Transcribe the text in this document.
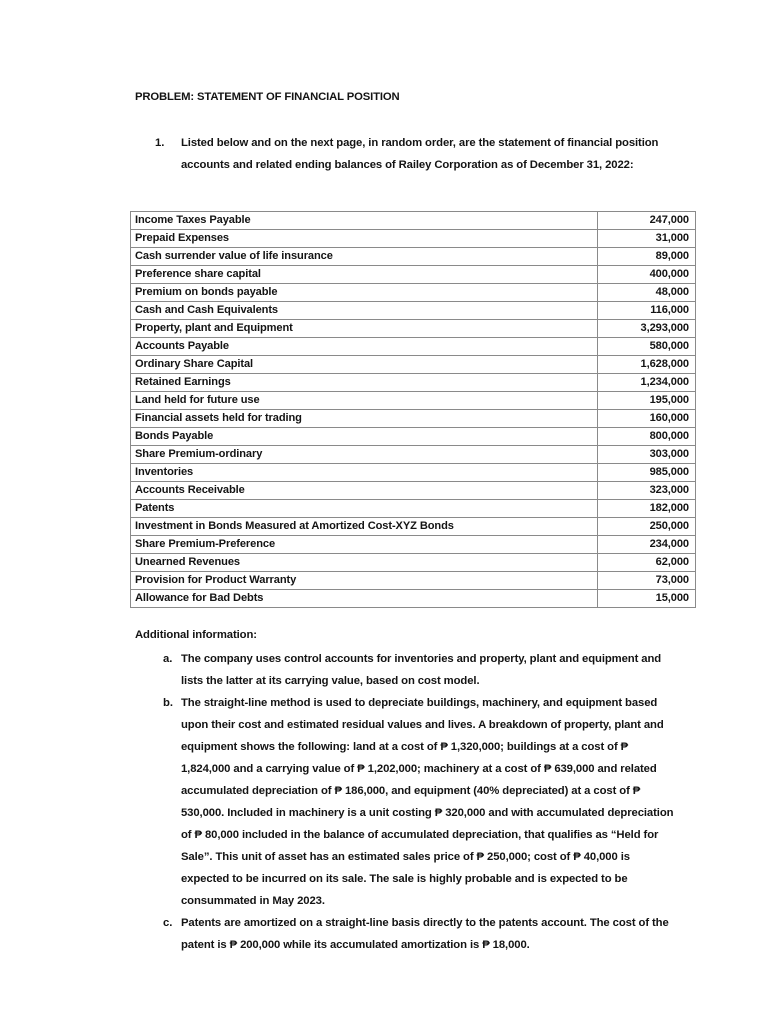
PROBLEM: STATEMENT OF FINANCIAL POSITION
1.	Listed below and on the next page, in random order, are the statement of financial position accounts and related ending balances of Railey Corporation as of December 31, 2022:
Income Taxes Payable	247,000
Prepaid Expenses	31,000
Cash surrender value of life insurance	89,000
Preference share capital	400,000
Premium on bonds payable	48,000
Cash and Cash Equivalents	116,000
Property, plant and Equipment	3,293,000
Accounts Payable	580,000
Ordinary Share Capital	1,628,000
Retained Earnings	1,234,000
Land held for future use	195,000
Financial assets held for trading	160,000
Bonds Payable	800,000
Share Premium-ordinary	303,000
Inventories	985,000
Accounts Receivable	323,000
Patents	182,000
Investment in Bonds Measured at Amortized Cost-XYZ Bonds	250,000
Share Premium-Preference	234,000
Unearned Revenues	62,000
Provision for Product Warranty	73,000
Allowance for Bad Debts	15,000
Additional information:
a. The company uses control accounts for inventories and property, plant and equipment and lists the latter at its carrying value, based on cost model.
b. The straight-line method is used to depreciate buildings, machinery, and equipment based upon their cost and estimated residual values and lives. A breakdown of property, plant and equipment shows the following: land at a cost of ₱ 1,320,000; buildings at a cost of ₱ 1,824,000 and a carrying value of ₱ 1,202,000; machinery at a cost of ₱ 639,000 and related accumulated depreciation of ₱ 186,000, and equipment (40% depreciated) at a cost of ₱ 530,000. Included in machinery is a unit costing ₱ 320,000 and with accumulated depreciation of ₱ 80,000 included in the balance of accumulated depreciation, that qualifies as “Held for Sale”. This unit of asset has an estimated sales price of ₱ 250,000; cost of ₱ 40,000 is expected to be incurred on its sale. The sale is highly probable and is expected to be consummated in May 2023.
c. Patents are amortized on a straight-line basis directly to the patents account. The cost of the patent is ₱ 200,000 while its accumulated amortization is ₱ 18,000.
